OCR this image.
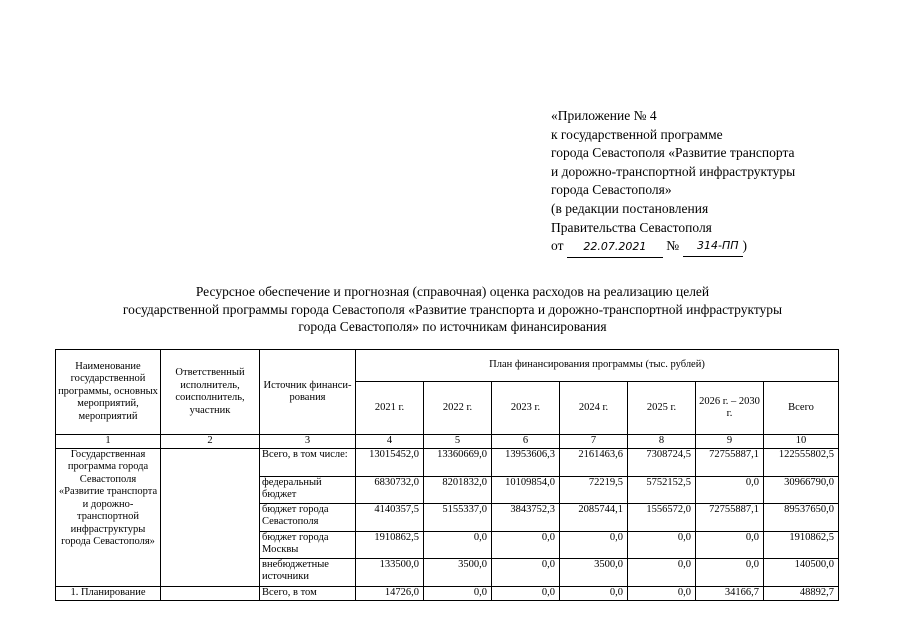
«Приложение № 4
к государственной программе
города Севастополя «Развитие транспорта
и дорожно-транспортной инфраструктуры
города Севастополя»
(в редакции постановления
Правительства Севастополя
от 22.07.2021 № 314-ПП )
Ресурсное обеспечение и прогнозная (справочная) оценка расходов на реализацию целей
государственной программы города Севастополя «Развитие транспорта и дорожно-транспортной инфраструктуры
города Севастополя» по источникам финансирования
Наименование государственной программы, основных мероприятий, мероприятий	Ответственный исполнитель, соисполнитель, участник	Источник финанси-рования	План финансирования программы (тыс. рублей)						
			2021 г.	2022 г.	2023 г.	2024 г.	2025 г.	2026 г. – 2030 г.	Всего
1	2	3	4	5	6	7	8	9	10
Государственная программа города Севастополя «Развитие транспорта и дорожно-транспортной инфраструктуры города Севастополя»		Всего, в том числе:	13015452,0	13360669,0	13953606,3	2161463,6	7308724,5	72755887,1	122555802,5
		федеральный бюджет	6830732,0	8201832,0	10109854,0	72219,5	5752152,5	0,0	30966790,0
		бюджет города Севастополя	4140357,5	5155337,0	3843752,3	2085744,1	1556572,0	72755887,1	89537650,0
		бюджет города Москвы	1910862,5	0,0	0,0	0,0	0,0	0,0	1910862,5
		внебюджетные источники	133500,0	3500,0	0,0	3500,0	0,0	0,0	140500,0
1. Планирование		Всего, в том	14726,0	0,0	0,0	0,0	0,0	34166,7	48892,7
